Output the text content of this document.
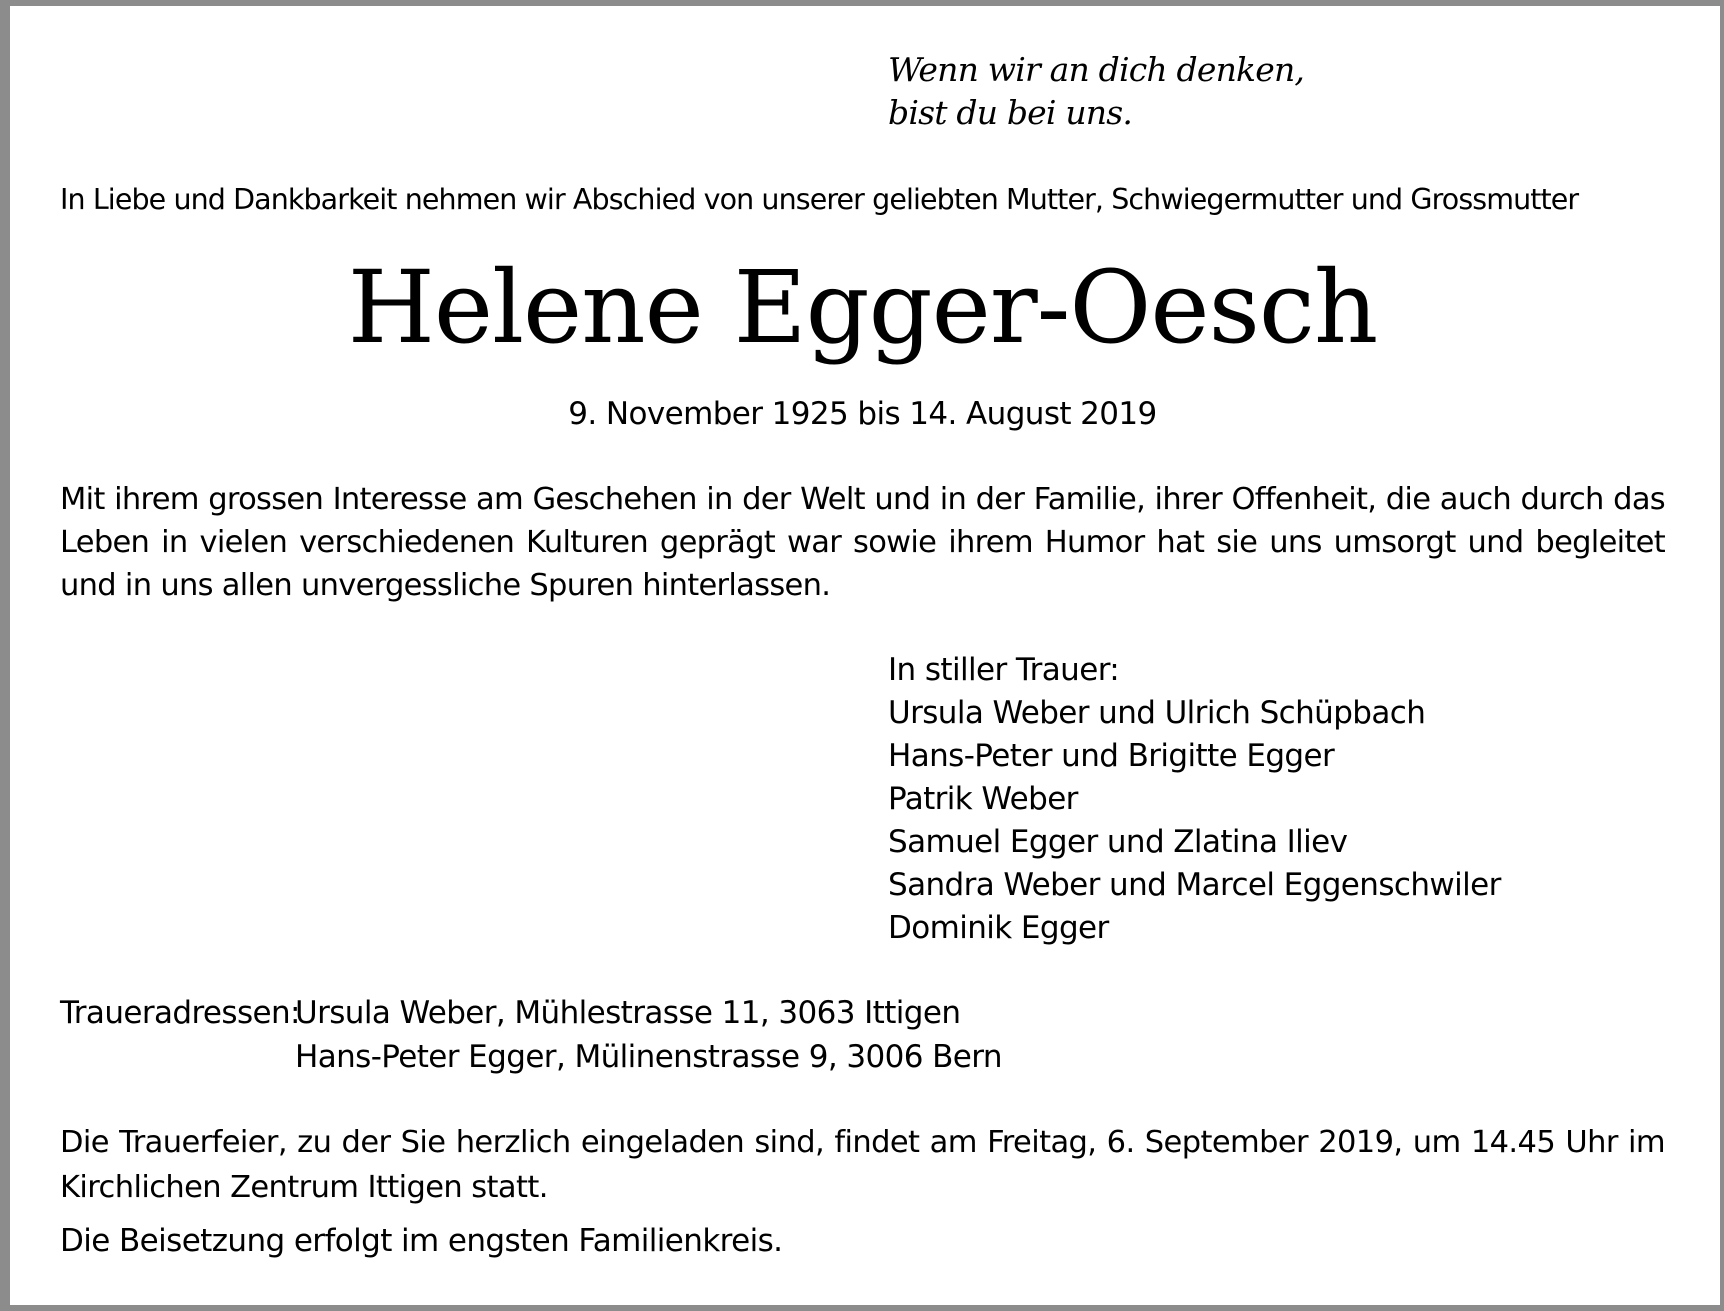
Wenn wir an dich denken,
bist du bei uns.

In Liebe und Dankbarkeit nehmen wir Abschied von unserer geliebten Mutter, Schwiegermutter und Grossmutter

Helene Egger-Oesch

9. November 1925 bis 14. August 2019

Mit ihrem grossen Interesse am Geschehen in der Welt und in der Familie, ihrer Offenheit, die auch durch das Leben in vielen verschiedenen Kulturen geprägt war sowie ihrem Humor hat sie uns umsorgt und begleitet und in uns allen unvergessliche Spuren hinterlassen.

In stiller Trauer:
Ursula Weber und Ulrich Schüpbach
Hans-Peter und Brigitte Egger
Patrik Weber
Samuel Egger und Zlatina Iliev
Sandra Weber und Marcel Eggenschwiler
Dominik Egger
Traueradressen:
Ursula Weber, Mühlestrasse 11, 3063 Ittigen
Hans-Peter Egger, Mülinenstrasse 9, 3006 Bern

Die Trauerfeier, zu der Sie herzlich eingeladen sind, findet am Freitag, 6. September 2019, um 14.45 Uhr im Kirchlichen Zentrum Ittigen statt.

Die Beisetzung erfolgt im engsten Familienkreis.
